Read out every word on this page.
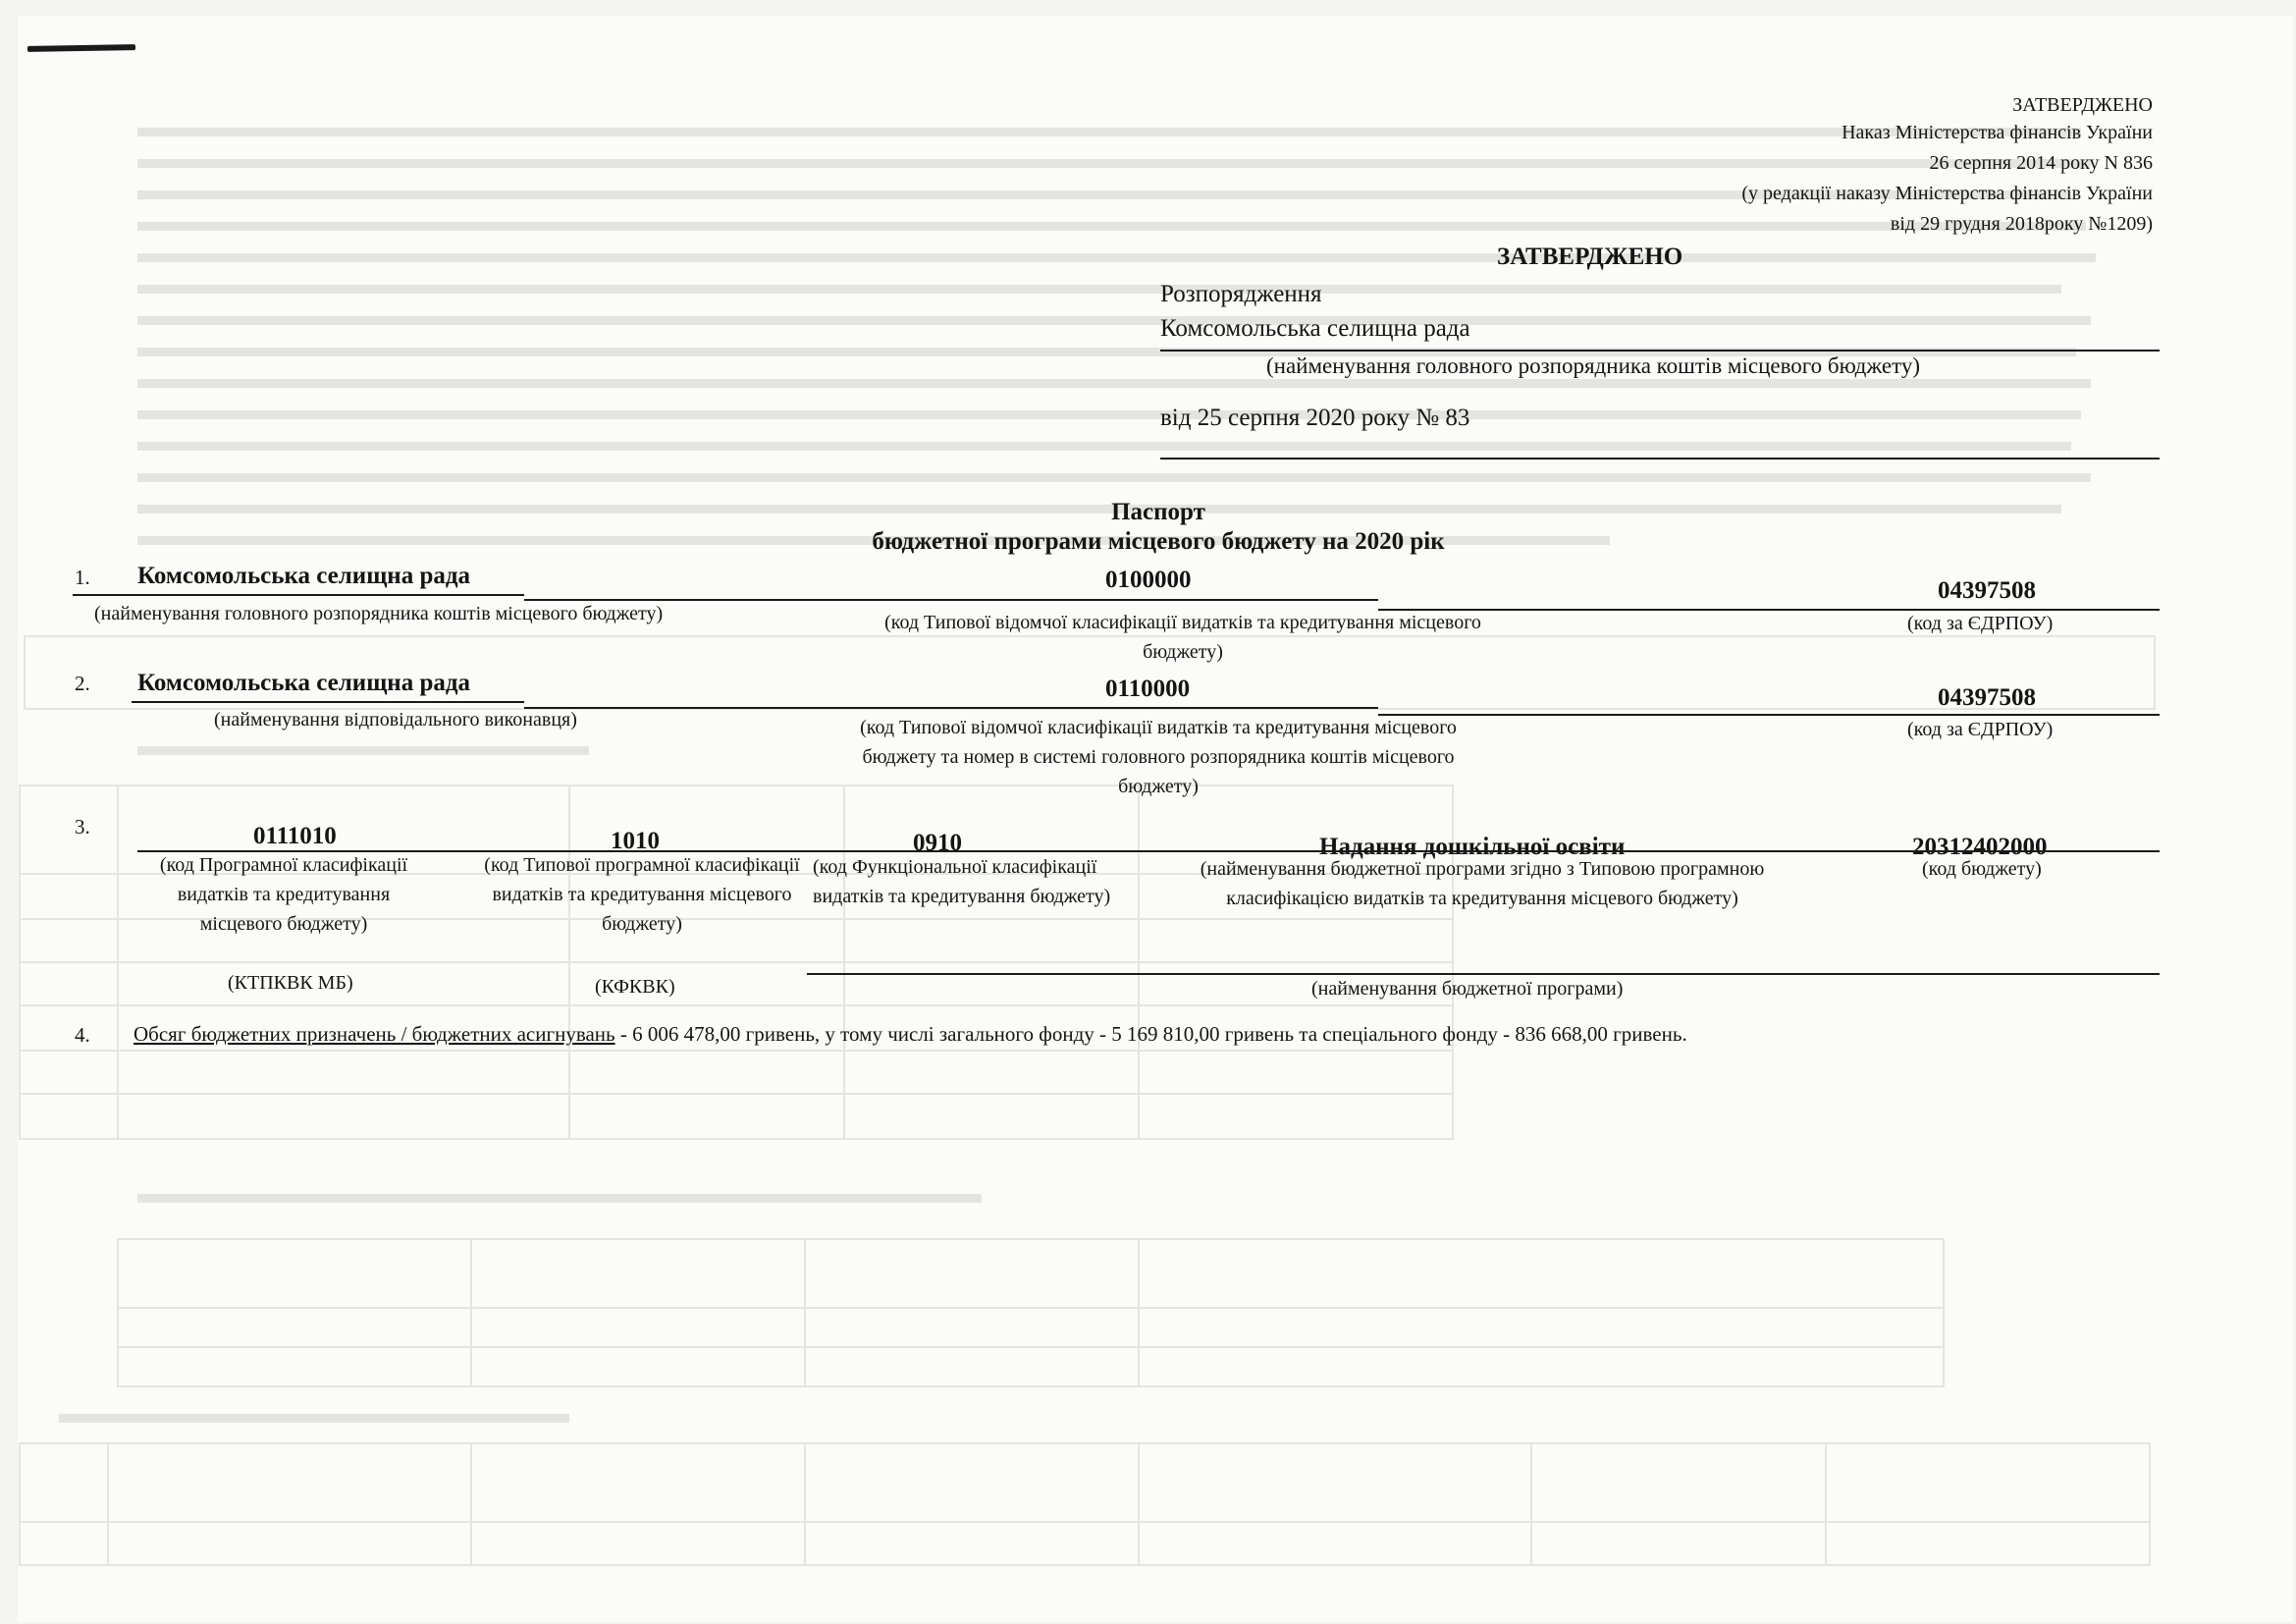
ЗАТВЕРДЖЕНО
Наказ Міністерства фінансів України
26 серпня 2014 року N 836
(у редакції наказу Міністерства фінансів України
від 29 грудня 2018року №1209)
ЗАТВЕРДЖЕНО
Розпорядження
Комсомольська селищна рада
(найменування головного розпорядника коштів місцевого бюджету)
від 25 серпня 2020 року № 83
Паспорт
бюджетної програми місцевого бюджету на 2020 рік
1. Комсомольська селищна рада	0100000	04397508
(найменування головного розпорядника коштів місцевого бюджету)	(код Типової відомчої класифікації видатків та кредитування місцевого бюджету)
(код за ЄДРПОУ)
2. Комсомольська селищна рада	0110000	04397508
(найменування відповідального виконавця)	(код Типової відомчої класифікації видатків та кредитування місцевого бюджету та номер в системі головного розпорядника коштів місцевого бюджету)
(код за ЄДРПОУ)
3.	0111010	1010	0910	Надання дошкільної освіти	20312402000
(код Програмної класифікації видатків та кредитування місцевого бюджету)
(код Типової програмної класифікації видатків та кредитування місцевого бюджету)
(код Функціональної класифікації видатків та кредитування бюджету)
(найменування бюджетної програми згідно з Типовою програмною класифікацією видатків та кредитування місцевого бюджету)
(код бюджету)
(КТПКВК МБ)	(КФКВК)	(найменування бюджетної програми)
4. Обсяг бюджетних призначень / бюджетних асигнувань - 6 006 478,00 гривень, у тому числі загального фонду - 5 169 810,00 гривень та спеціального фонду - 836 668,00 гривень.
